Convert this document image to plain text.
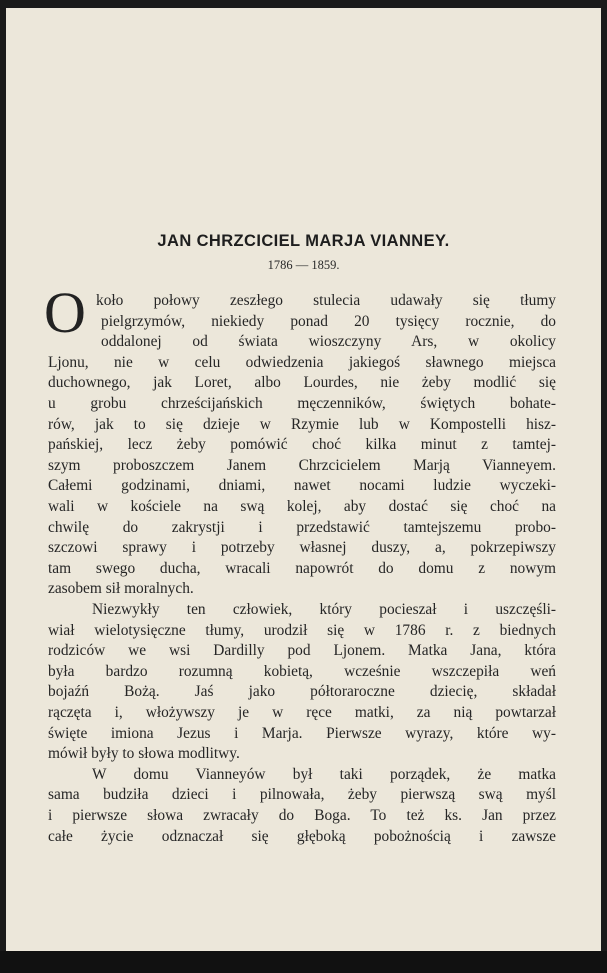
JAN CHRZCICIEL MARJA VIANNEY.
1786 — 1859.
O koło połowy zeszłego stulecia udawały się tłumy
pielgrzymów, niekiedy ponad 20 tysięcy rocznie, do
oddalonej od świata wioszczyny Ars, w okolicy
Ljonu, nie w celu odwiedzenia jakiegoś sławnego miejsca
duchownego, jak Loret, albo Lourdes, nie żeby modlić się
u grobu chrześcijańskich męczenników, świętych bohate-
rów, jak to się dzieje w Rzymie lub w Kompostelli hisz-
pańskiej, lecz żeby pomówić choć kilka minut z tamtej-
szym proboszczem Janem Chrzcicielem Marją Vianneyem.
Całemi godzinami, dniami, nawet nocami ludzie wyczeki-
wali w kościele na swą kolej, aby dostać się choć na
chwilę do zakrystji i przedstawić tamtejszemu probo-
szczowi sprawy i potrzeby własnej duszy, a, pokrzepiwszy
tam swego ducha, wracali napowrót do domu z nowym
zasobem sił moralnych.
Niezwykły ten człowiek, który pocieszał i uszczęśli-
wiał wielotysięczne tłumy, urodził się w 1786 r. z biednych
rodziców we wsi Dardilly pod Ljonem. Matka Jana, która
była bardzo rozumną kobietą, wcześnie wszczepiła weń
bojaźń Bożą. Jaś jako półtoraroczne dziecię, składał
rączęta i, włożywszy je w ręce matki, za nią powtarzał
święte imiona Jezus i Marja. Pierwsze wyrazy, które wy-
mówił były to słowa modlitwy.
W domu Vianneyów był taki porządek, że matka
sama budziła dzieci i pilnowała, żeby pierwszą swą myśl
i pierwsze słowa zwracały do Boga. To też ks. Jan przez
całe życie odznaczał się głęboką pobożnością i zawsze
